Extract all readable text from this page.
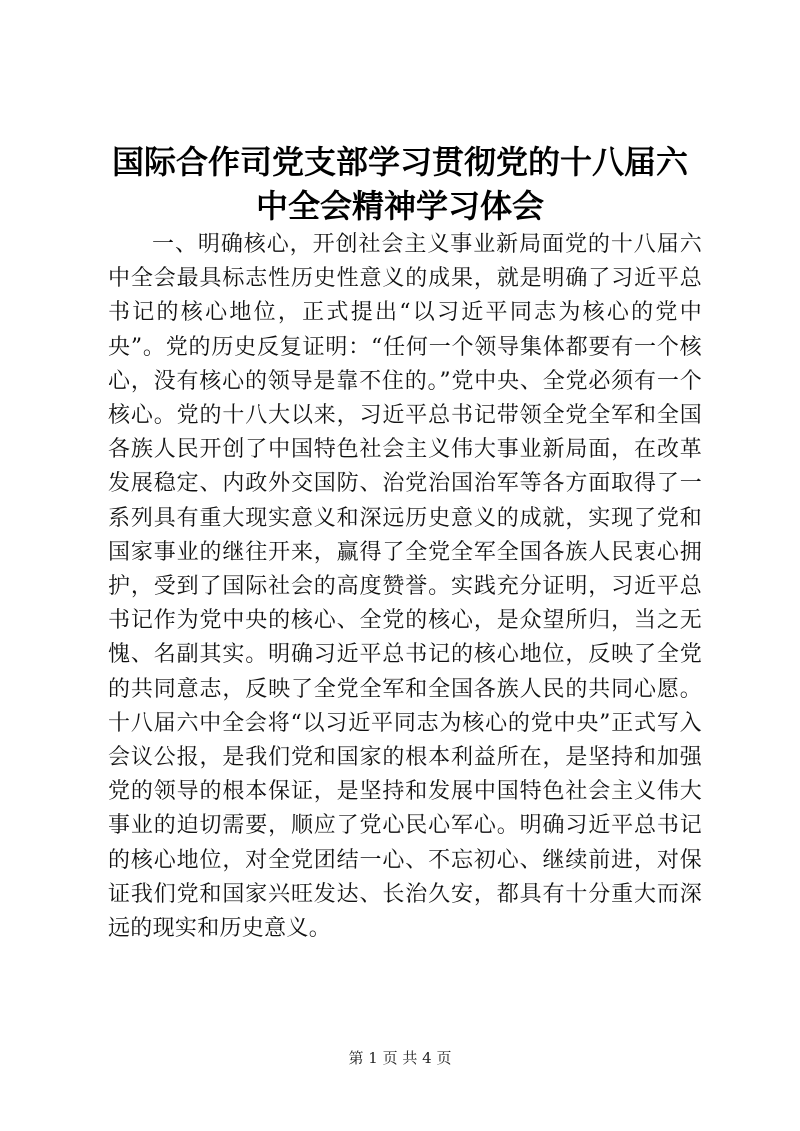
国际合作司党支部学习贯彻党的十八届六中全会精神学习体会

一、明确核心，开创社会主义事业新局面党的十八届六中全会最具标志性历史性意义的成果，就是明确了习近平总书记的核心地位，正式提出“以习近平同志为核心的党中央”。党的历史反复证明：“任何一个领导集体都要有一个核心，没有核心的领导是靠不住的。”党中央、全党必须有一个核心。党的十八大以来，习近平总书记带领全党全军和全国各族人民开创了中国特色社会主义伟大事业新局面，在改革发展稳定、内政外交国防、治党治国治军等各方面取得了一系列具有重大现实意义和深远历史意义的成就，实现了党和国家事业的继往开来，赢得了全党全军全国各族人民衷心拥护，受到了国际社会的高度赞誉。实践充分证明，习近平总书记作为党中央的核心、全党的核心，是众望所归，当之无愧、名副其实。明确习近平总书记的核心地位，反映了全党的共同意志，反映了全党全军和全国各族人民的共同心愿。十八届六中全会将“以习近平同志为核心的党中央”正式写入会议公报，是我们党和国家的根本利益所在，是坚持和加强党的领导的根本保证，是坚持和发展中国特色社会主义伟大事业的迫切需要，顺应了党心民心军心。明确习近平总书记的核心地位，对全党团结一心、不忘初心、继续前进，对保证我们党和国家兴旺发达、长治久安，都具有十分重大而深远的现实和历史意义。

第 1 页 共 4 页
